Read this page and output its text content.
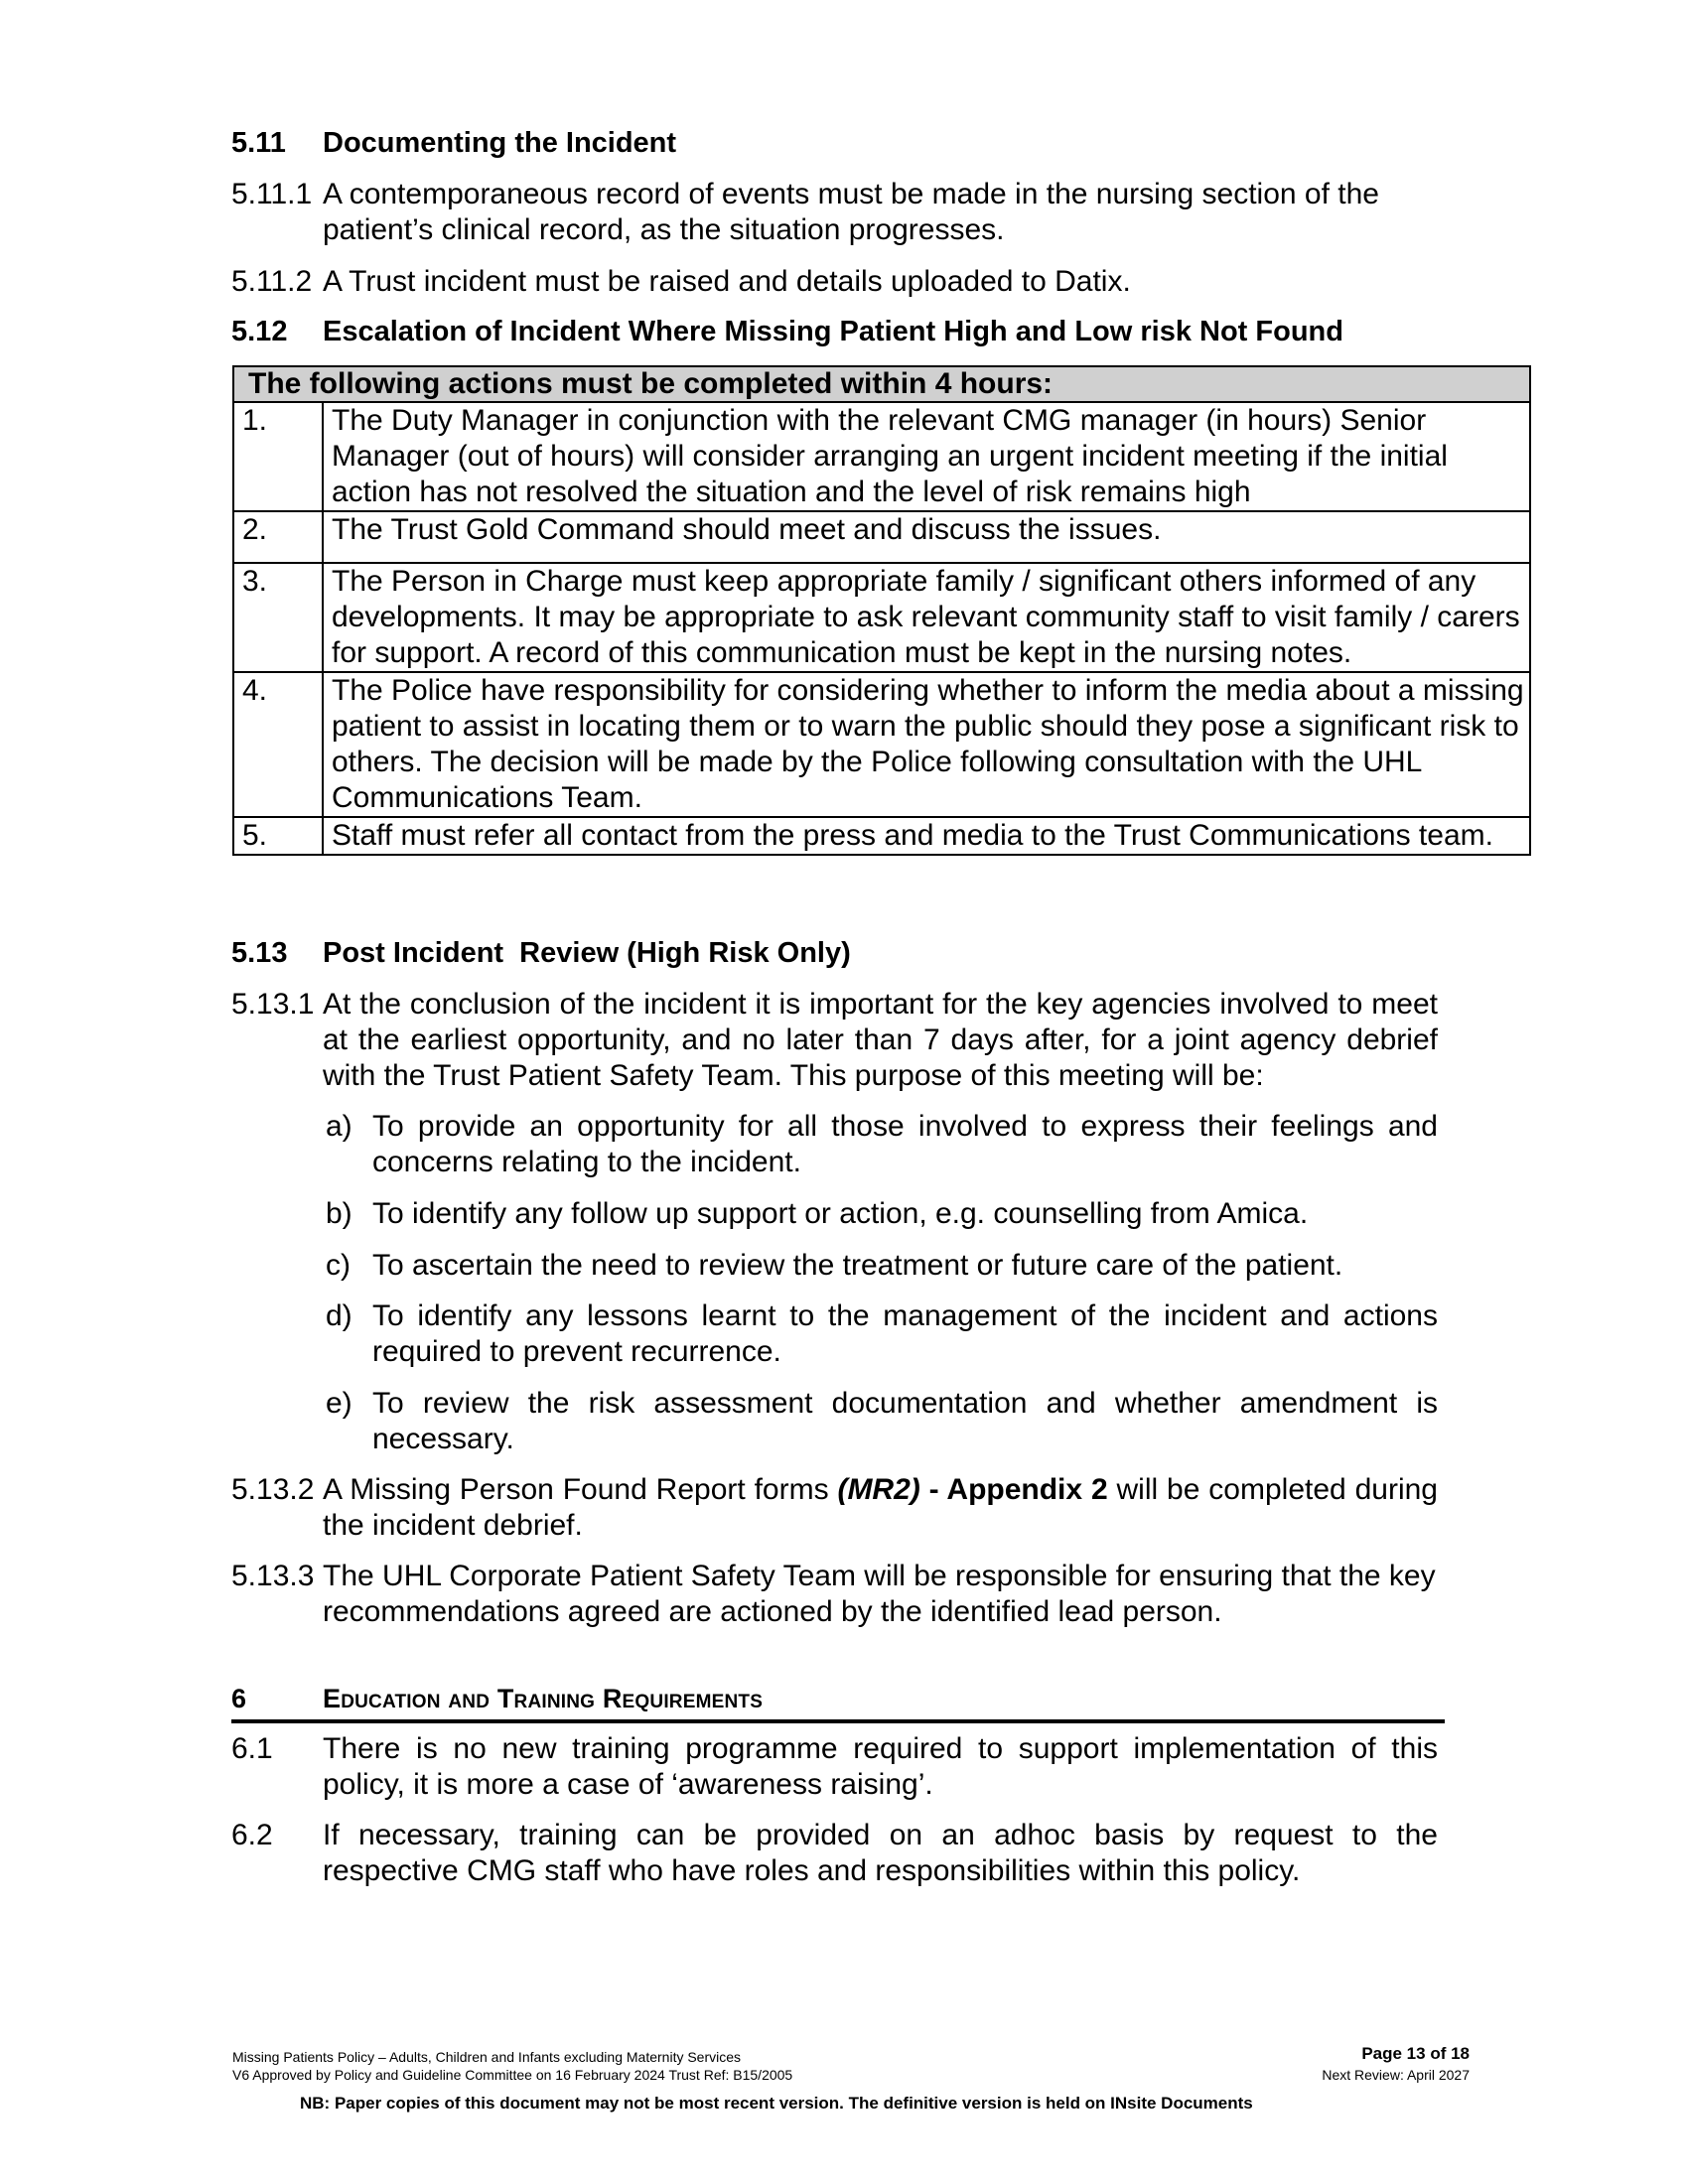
5.11 Documenting the Incident
5.11.1 A contemporaneous record of events must be made in the nursing section of the patient’s clinical record, as the situation progresses.
5.11.2 A Trust incident must be raised and details uploaded to Datix.
5.12 Escalation of Incident Where Missing Patient High and Low risk Not Found
The following actions must be completed within 4 hours:	
1.	The Duty Manager in conjunction with the relevant CMG manager (in hours) Senior Manager (out of hours) will consider arranging an urgent incident meeting if the initial action has not resolved the situation and the level of risk remains high
2.	The Trust Gold Command should meet and discuss the issues.
3.	The Person in Charge must keep appropriate family / significant others informed of any developments. It may be appropriate to ask relevant community staff to visit family / carers for support. A record of this communication must be kept in the nursing notes.
4.	The Police have responsibility for considering whether to inform the media about a missing patient to assist in locating them or to warn the public should they pose a significant risk to others. The decision will be made by the Police following consultation with the UHL Communications Team.
5.	Staff must refer all contact from the press and media to the Trust Communications team.
5.13 Post Incident  Review (High Risk Only)
5.13.1 At the conclusion of the incident it is important for the key agencies involved to meet at the earliest opportunity, and no later than 7 days after, for a joint agency debrief with the Trust Patient Safety Team. This purpose of this meeting will be:
a) To provide an opportunity for all those involved to express their feelings and concerns relating to the incident.
b) To identify any follow up support or action, e.g. counselling from Amica.
c) To ascertain the need to review the treatment or future care of the patient.
d) To identify any lessons learnt to the management of the incident and actions required to prevent recurrence.
e) To review the risk assessment documentation and whether amendment is necessary.
5.13.2 A Missing Person Found Report forms (MR2) - Appendix 2 will be completed during the incident debrief.
5.13.3 The UHL Corporate Patient Safety Team will be responsible for ensuring that the key recommendations agreed are actioned by the identified lead person.
6	Education and Training Requirements
6.1 There is no new training programme required to support implementation of this policy, it is more a case of ‘awareness raising’.
6.2 If necessary, training can be provided on an adhoc basis by request to the respective CMG staff who have roles and responsibilities within this policy.
Missing Patients Policy – Adults, Children and Infants excluding Maternity Services
V6 Approved by Policy and Guideline Committee on 16 February 2024 Trust Ref: B15/2005
Page 13 of 18
Next Review: April 2027
NB: Paper copies of this document may not be most recent version. The definitive version is held on INsite Documents
